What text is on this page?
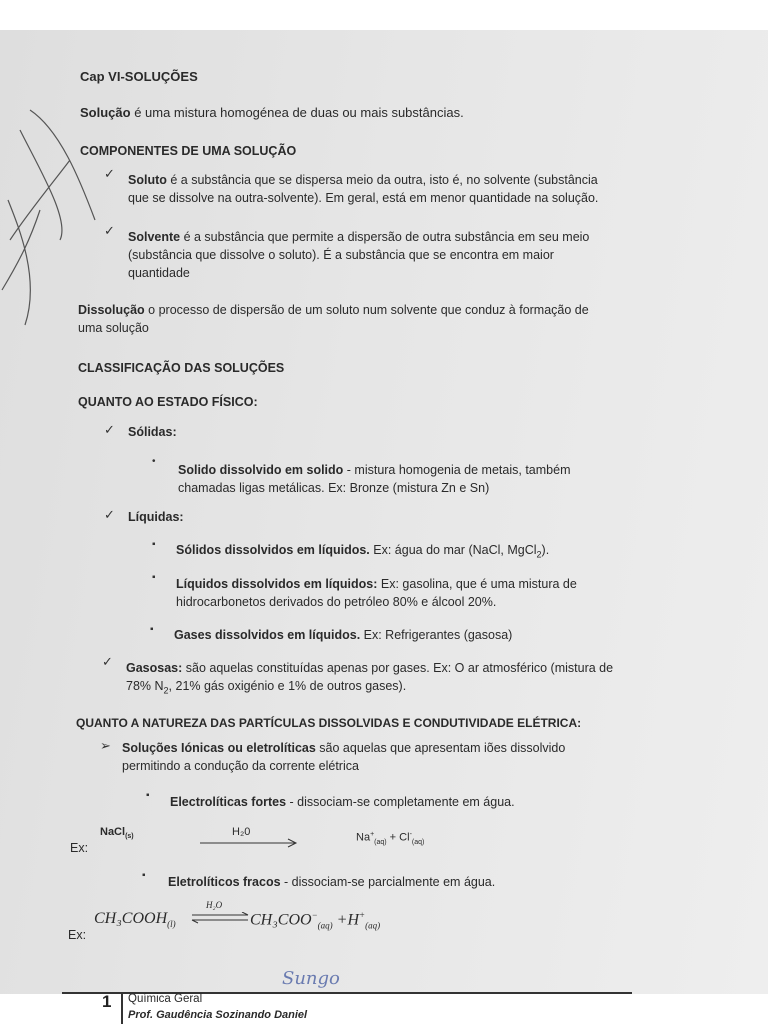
Cap VI-SOLUÇÕES
Solução é uma mistura homogénea de duas ou mais substâncias.
COMPONENTES DE UMA SOLUÇÃO
✓ Soluto é a substância que se dispersa meio da outra, isto é, no solvente (substância
que se dissolve na outra-solvente). Em geral, está em menor quantidade na solução.
✓ Solvente é a substância que permite a dispersão de outra substância em seu meio
(substância que dissolve o soluto). É a substância que se encontra em maior
quantidade
Dissolução o processo de dispersão de um soluto num solvente que conduz à formação de
uma solução
CLASSIFICAÇÃO DAS SOLUÇÕES
QUANTO AO ESTADO FÍSICO:
✓ Sólidas:
•
Solido dissolvido em solido - mistura homogenia de metais, também
chamadas ligas metálicas. Ex: Bronze (mistura Zn e Sn)
✓ Líquidas:
▪ Sólidos dissolvidos em líquidos. Ex: água do mar (NaCl, MgCl$_2$).
▪ Líquidos dissolvidos em líquidos: Ex: gasolina, que é uma mistura de
hidrocarbonetos derivados do petróleo 80% e álcool 20%.
▪ Gases dissolvidos em líquidos. Ex: Refrigerantes (gasosa)
✓ Gasosas: são aquelas constituídas apenas por gases. Ex: O ar atmosférico (mistura de
78% $N_2$, 21% gás oxigénio e 1% de outros gases).
QUANTO A NATUREZA DAS PARTÍCULAS DISSOLVIDAS E CONDUTIVIDADE ELÉTRICA:
➢ Soluções Iónicas ou eletrolíticas são aquelas que apresentam iões dissolvido
permitindo a condução da corrente elétrica
▪ Electrolíticas fortes - dissociam-se completamente em água.
Ex:
NaCl$_{(s)}$	H₂0	$Na^+_{(aq)} + Cl^-_{(aq)}$
▪ Eletrolíticos fracos - dissociam-se parcialmente em água.
Ex:
$CH_3COOH_{(l)}$
H₂O
⇌ $CH_3COO^-_{(aq)} +H^+_{(aq)}$
Sungo
1 Química Geral
Prof. Gaudência Sozinando Daniel
